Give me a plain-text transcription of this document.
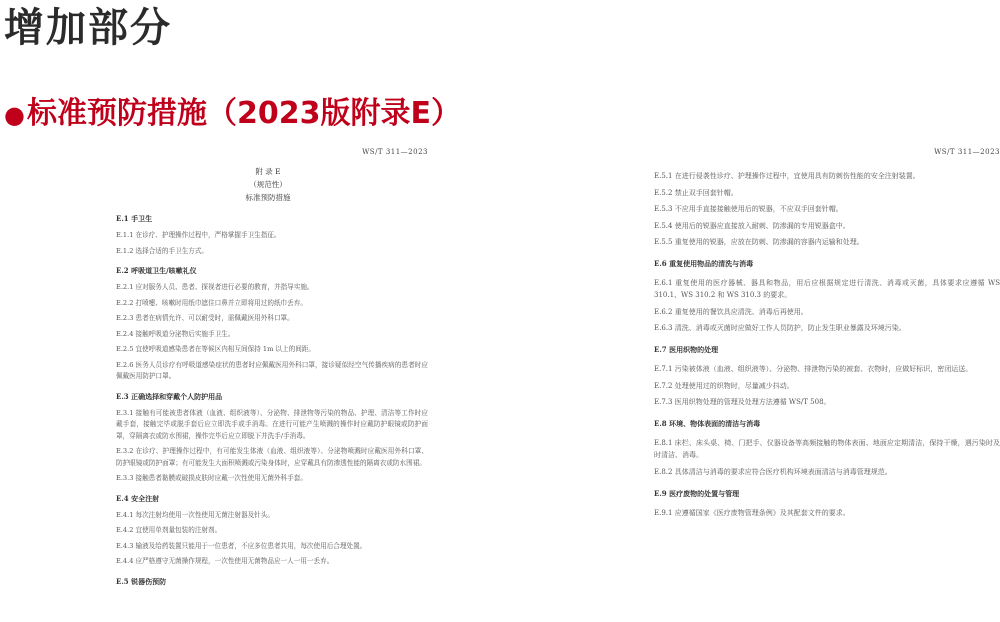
增加部分
●标准预防措施（2023版附录E）
WS/T 311—2023
附 录 E
（规范性）
标准预防措施
E.1 手卫生
E.1.1 在诊疗、护理操作过程中，严格掌握手卫生指征。
E.1.2 选择合适的手卫生方式。
E.2 呼吸道卫生/咳嗽礼仪
E.2.1 应对服务人员、患者、探视者进行必要的教育，并指导实施。
E.2.2 打喷嚏、咳嗽时用纸巾遮住口鼻并立即将用过的纸巾丢弃。
E.2.3 患者在病情允许、可以耐受时，需佩戴医用外科口罩。
E.2.4 接触呼吸道分泌物后实施手卫生。
E.2.5 宜使呼吸道感染患者在等候区内相互间保持 1m 以上的间距。
E.2.6 医务人员诊疗有呼吸道感染症状的患者时应佩戴医用外科口罩，接诊疑似经空气传播疾病的患者时应佩戴医用防护口罩。
E.3 正确选择和穿戴个人防护用品
E.3.1 接触有可能被患者体液（血液、组织液等）、分泌物、排泄物等污染的物品、护理、清洁等工作时应戴手套，接触完毕或脱手套后应立即洗手或手消毒。在进行可能产生喷溅的操作时应戴防护眼镜或防护面罩，穿隔离衣或防水围裙，操作完毕后应立即脱下并洗手/手消毒。
E.3.2 在诊疗、护理操作过程中，有可能发生体液（血液、组织液等）、分泌物喷溅时应戴医用外科口罩、防护眼镜或防护面罩；有可能发生大面积喷溅或污染身体时，应穿戴具有防渗透性能的隔离衣或防水围裙。
E.3.3 接触患者黏膜或破损皮肤时应戴一次性使用无菌外科手套。
E.4 安全注射
E.4.1 每次注射均使用一次性使用无菌注射器及针头。
E.4.2 宜使用单剂量包装的注射剂。
E.4.3 输液及给药装置只能用于一位患者，不应多位患者共用，每次使用后合理处置。
E.4.4 应严格遵守无菌操作规程，一次性使用无菌物品应一人一用一丢弃。
E.5 锐器伤预防
WS/T 311—2023
E.5.1 在进行侵袭性诊疗、护理操作过程中，宜使用具有防刺伤性能的安全注射装置。
E.5.2 禁止双手回套针帽。
E.5.3 不应用手直接接触使用后的锐器，不应双手回套针帽。
E.5.4 使用后的锐器应直接放入耐刺、防渗漏的专用锐器盒中。
E.5.5 重复使用的锐器，应放在防刺、防渗漏的容器内运输和处理。
E.6 重复使用物品的清洗与消毒
E.6.1 重复使用的医疗器械、器具和物品，用后应根据规定进行清洗、消毒或灭菌，具体要求应遵循 WS 310.1、WS 310.2 和 WS 310.3 的要求。
E.6.2 重复使用的餐饮具应清洗、消毒后再使用。
E.6.3 清洗、消毒或灭菌时应做好工作人员防护，防止发生职业暴露及环境污染。
E.7 医用织物的处理
E.7.1 污染被体液（血液、组织液等）、分泌物、排泄物污染的被套、衣物时，应做好标识，密闭运送。
E.7.2 处理使用过的织物时，尽量减少抖动。
E.7.3 医用织物处理的管理及处理方法遵循 WS/T 508。
E.8 环境、物体表面的清洁与消毒
E.8.1 床栏、床头桌、椅、门把手、仪器设备等高频接触的物体表面、地面应定期清洁，保持干燥，遇污染时及时清洁、消毒。
E.8.2 具体清洁与消毒的要求应符合医疗机构环境表面清洁与消毒管理规范。
E.9 医疗废物的处置与管理
E.9.1 应遵循国家《医疗废物管理条例》及其配套文件的要求。
